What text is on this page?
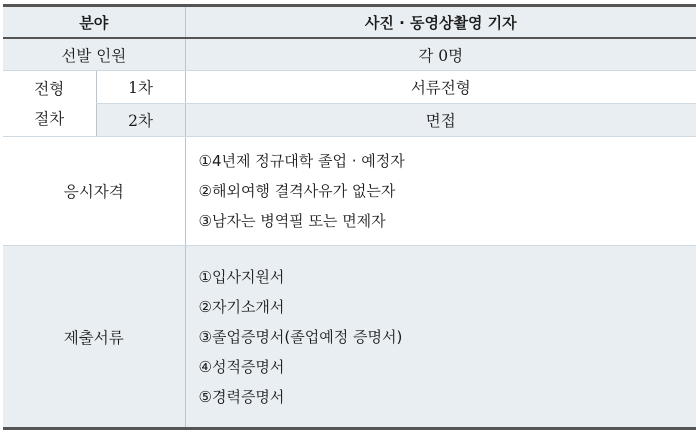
분야		사진 · 동영상촬영 기자
선발 인원		각 0명

전형
절차	1차	서류전형
	2차	면접
응시자격		①4년제 정규대학 졸업 · 예정자
②해외여행 결격사유가 없는자
③남자는 병역필 또는 면제자

제출서류		①입사지원서
②자기소개서
③졸업증명서(졸업예정 증명서)
④성적증명서
⑤경력증명서
